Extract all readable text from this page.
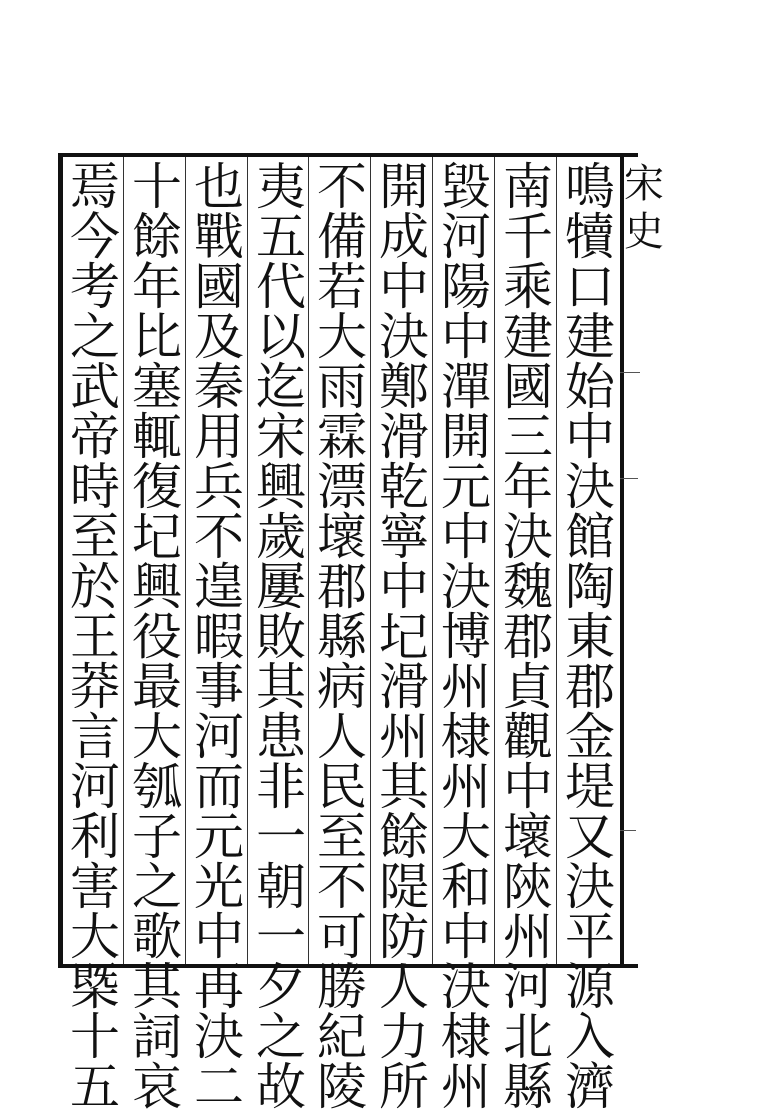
宋史
鳴
犢
口
建
始
中
決
館
陶
東
郡
金
堤
又
決
平
源
入
濟
南
千
乘
建
國
三
年
決
魏
郡
貞
觀
中
壞
陝
州
河
北
縣
毀
河
陽
中
潬
開
元
中
決
博
州
棣
州
大
和
中
決
棣
州
開
成
中
決
鄭
滑
乾
寧
中
圮
滑
州
其
餘
隄
防
人
力
所
不
備
若
大
雨
霖
漂
壞
郡
縣
病
人
民
至
不
可
勝
紀
陵
夷
五
代
以
迄
宋
興
歲
屢
敗
其
患
非
一
朝
一
夕
之
故
也
戰
國
及
秦
用
兵
不
遑
暇
事
河
而
元
光
中
再
決
二
十
餘
年
比
塞
輒
復
圮
興
役
最
大
瓠
子
之
歌
其
詞
哀
焉
今
考
之
武
帝
時
至
於
王
莽
言
河
利
害
大
槩
十
五
